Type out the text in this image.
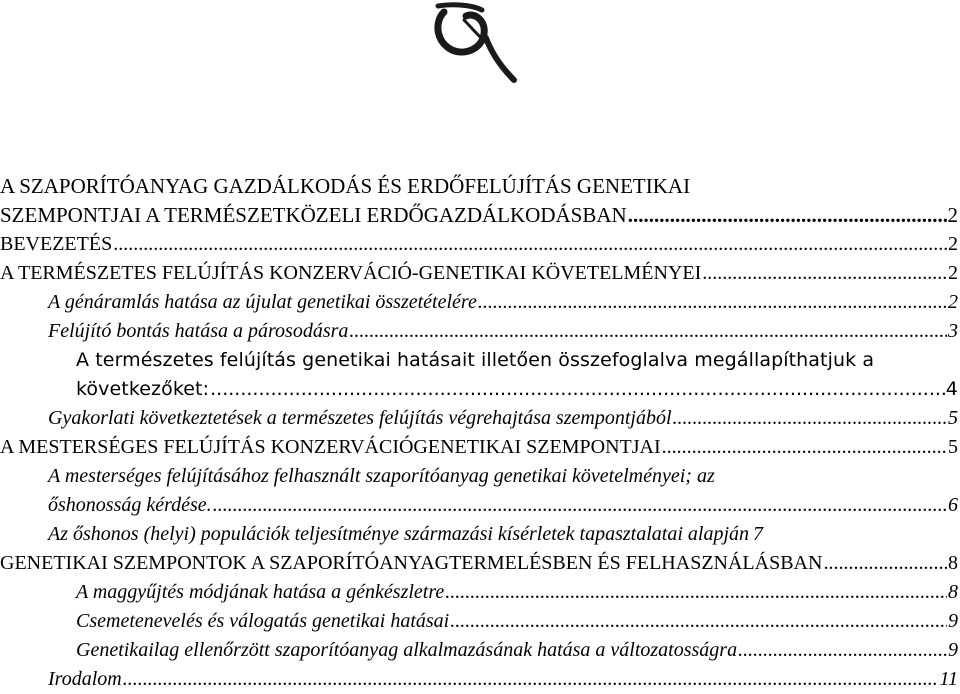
A SZAPORÍTÓANYAG GAZDÁLKODÁS ÉS ERDŐFELÚJÍTÁS GENETIKAI
SZEMPONTJAI A TERMÉSZETKÖZELI ERDŐGAZDÁLKODÁSBAN .....	2
BEVEZETÉS .....	2
A TERMÉSZETES FELÚJÍTÁS KONZERVÁCIÓ-GENETIKAI KÖVETELMÉNYEI .....	2
A génáramlás hatása az újulat genetikai összetételére .....	2
Felújító bontás hatása a párosodásra .....	3
A természetes felújítás genetikai hatásait illetően összefoglalva megállapíthatjuk a
következőket: .....	4
Gyakorlati következtetések a természetes felújítás végrehajtása szempontjából .....	5
A MESTERSÉGES FELÚJÍTÁS KONZERVÁCIÓGENETIKAI SZEMPONTJAI .....	5
A mesterséges felújításához felhasznált szaporítóanyag genetikai követelményei; az
őshonosság kérdése. .....	6
Az őshonos (helyi) populációk teljesítménye származási kísérletek tapasztalatai alapján 7
GENETIKAI SZEMPONTOK A SZAPORÍTÓANYAGTERMELÉSBEN ÉS FELHASZNÁLÁSBAN .....	8
A maggyűjtés módjának hatása a génkészletre .....	8
Csemetenevelés és válogatás genetikai hatásai .....	9
Genetikailag ellenőrzött szaporítóanyag alkalmazásának hatása a változatosságra .....	9
Irodalom .....	11
